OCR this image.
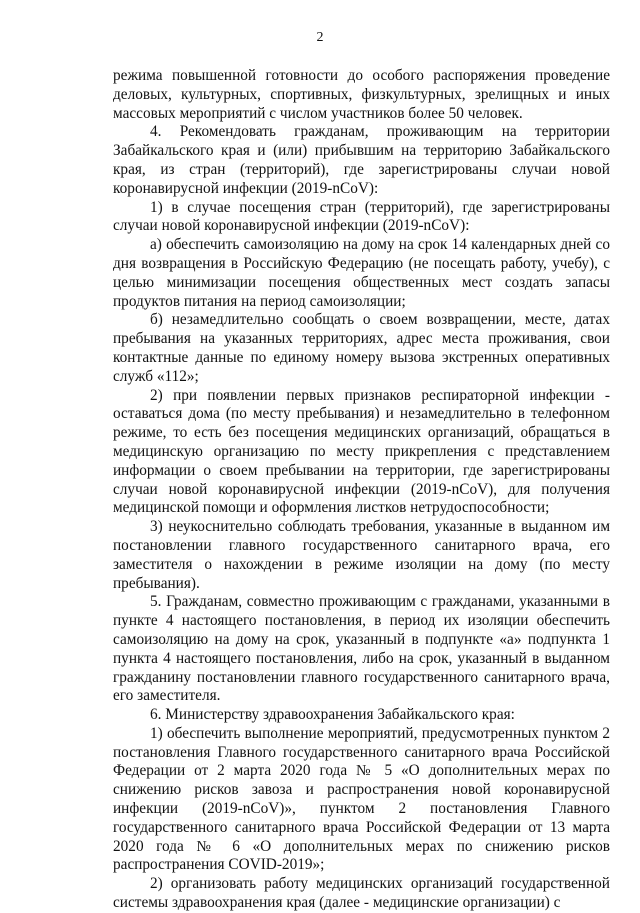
2

режима повышенной готовности до особого распоряжения проведение деловых, культурных, спортивных, физкультурных, зрелищных и иных массовых мероприятий с числом участников более 50 человек.

4. Рекомендовать гражданам, проживающим на территории Забайкальского края и (или) прибывшим на территорию Забайкальского края, из стран (территорий), где зарегистрированы случаи новой коронавирусной инфекции (2019-nCoV):

1) в случае посещения стран (территорий), где зарегистрированы случаи новой коронавирусной инфекции (2019-nCoV):

а) обеспечить самоизоляцию на дому на срок 14 календарных дней со дня возвращения в Российскую Федерацию (не посещать работу, учебу), с целью минимизации посещения общественных мест создать запасы продуктов питания на период самоизоляции;

б) незамедлительно сообщать о своем возвращении, месте, датах пребывания на указанных территориях, адрес места проживания, свои контактные данные по единому номеру вызова экстренных оперативных служб «112»;

2) при появлении первых признаков респираторной инфекции - оставаться дома (по месту пребывания) и незамедлительно в телефонном режиме, то есть без посещения медицинских организаций, обращаться в медицинскую организацию по месту прикрепления с представлением информации о своем пребывании на территории, где зарегистрированы случаи новой коронавирусной инфекции (2019-nCoV), для получения медицинской помощи и оформления листков нетрудоспособности;

3) неукоснительно соблюдать требования, указанные в выданном им постановлении главного государственного санитарного врача, его заместителя о нахождении в режиме изоляции на дому (по месту пребывания).

5. Гражданам, совместно проживающим с гражданами, указанными в пункте 4 настоящего постановления, в период их изоляции обеспечить самоизоляцию на дому на срок, указанный в подпункте «а» подпункта 1 пункта 4 настоящего постановления, либо на срок, указанный в выданном гражданину постановлении главного государственного санитарного врача, его заместителя.

6. Министерству здравоохранения Забайкальского края:

1) обеспечить выполнение мероприятий, предусмотренных пунктом 2 постановления Главного государственного санитарного врача Российской Федерации от 2 марта 2020 года № 5 «О дополнительных мерах по снижению рисков завоза и распространения новой коронавирусной инфекции (2019-nCoV)», пунктом 2 постановления Главного государственного санитарного врача Российской Федерации от 13 марта 2020 года № 6 «О дополнительных мерах по снижению рисков распространения COVID-2019»;

2) организовать работу медицинских организаций государственной системы здравоохранения края (далее - медицинские организации) с
